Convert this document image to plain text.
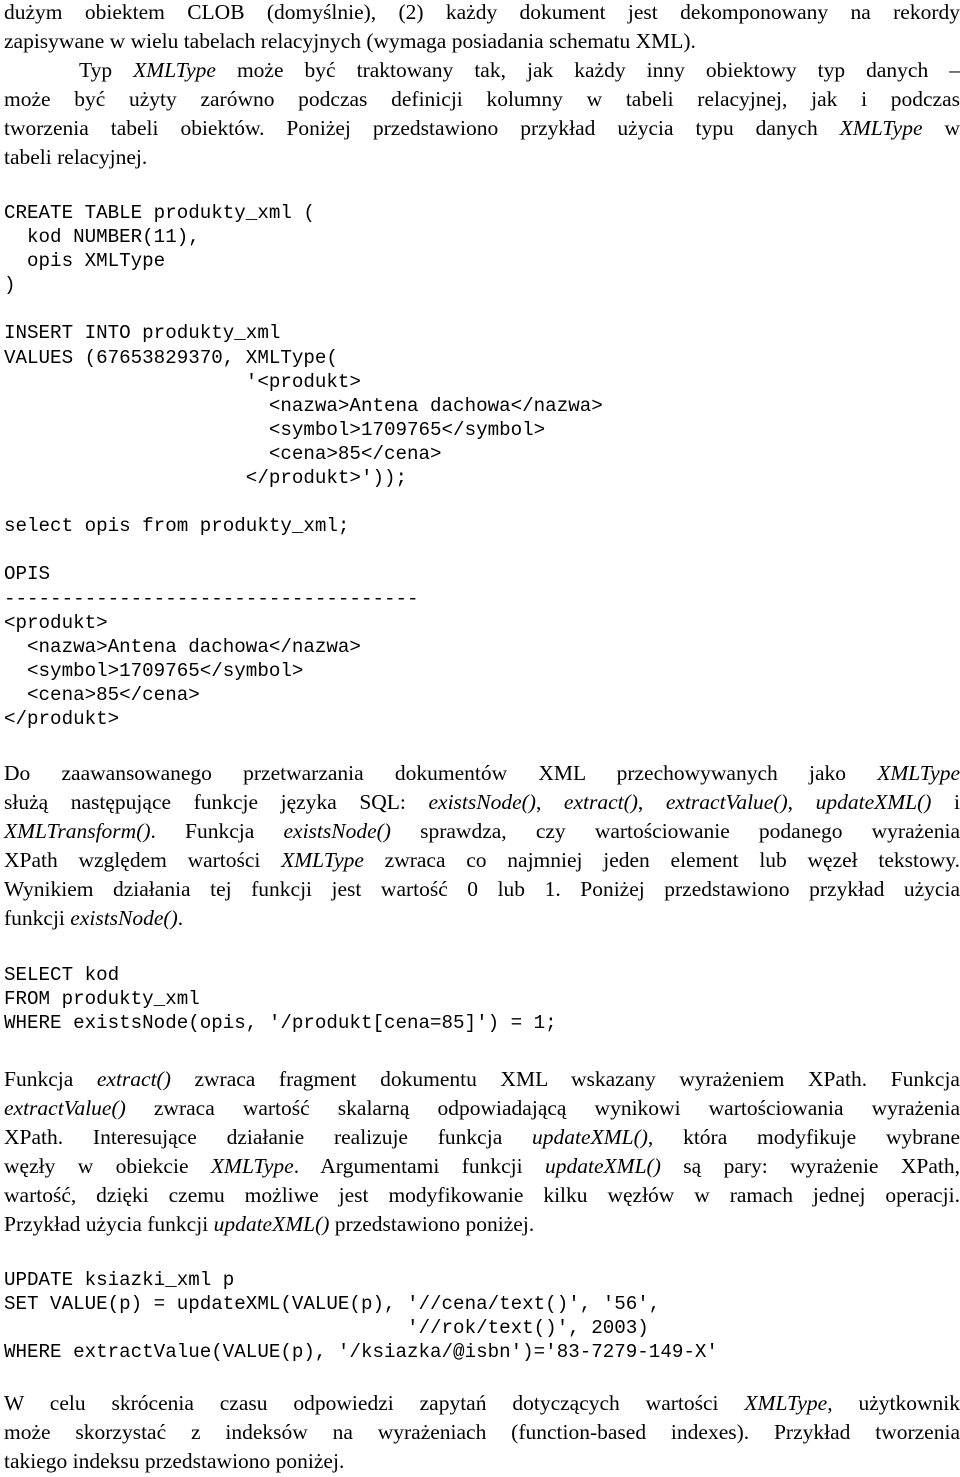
dużym obiektem CLOB (domyślnie), (2) każdy dokument jest dekomponowany na rekordy
zapisywane w wielu tabelach relacyjnych (wymaga posiadania schematu XML).
Typ XMLType może być traktowany tak, jak każdy inny obiektowy typ danych –
może być użyty zarówno podczas definicji kolumny w tabeli relacyjnej, jak i podczas
tworzenia tabeli obiektów. Poniżej przedstawiono przykład użycia typu danych XMLType w
tabeli relacyjnej.
CREATE TABLE produkty_xml (
kod NUMBER(11),
opis XMLType
)
INSERT INTO produkty_xml
VALUES (67653829370, XMLType(
'<produkt>
<nazwa>Antena dachowa</nazwa>
<symbol>1709765</symbol>
<cena>85</cena>
</produkt>'));
select opis from produkty_xml;
OPIS
------------------------------------
<produkt>
<nazwa>Antena dachowa</nazwa>
<symbol>1709765</symbol>
<cena>85</cena>
</produkt>
Do zaawansowanego przetwarzania dokumentów XML przechowywanych jako XMLType
służą następujące funkcje języka SQL: existsNode(), extract(), extractValue(), updateXML() i
XMLTransform(). Funkcja existsNode() sprawdza, czy wartościowanie podanego wyrażenia
XPath względem wartości XMLType zwraca co najmniej jeden element lub węzeł tekstowy.
Wynikiem działania tej funkcji jest wartość 0 lub 1. Poniżej przedstawiono przykład użycia
funkcji existsNode().
SELECT kod
FROM produkty_xml
WHERE existsNode(opis, '/produkt[cena=85]') = 1;
Funkcja extract() zwraca fragment dokumentu XML wskazany wyrażeniem XPath. Funkcja
extractValue() zwraca wartość skalarną odpowiadającą wynikowi wartościowania wyrażenia
XPath. Interesujące działanie realizuje funkcja updateXML(), która modyfikuje wybrane
węzły w obiekcie XMLType. Argumentami funkcji updateXML() są pary: wyrażenie XPath,
wartość, dzięki czemu możliwe jest modyfikowanie kilku węzłów w ramach jednej operacji.
Przykład użycia funkcji updateXML() przedstawiono poniżej.
UPDATE ksiazki_xml p
SET VALUE(p) = updateXML(VALUE(p), '//cena/text()', '56',
'//rok/text()', 2003)
WHERE extractValue(VALUE(p), '/ksiazka/@isbn')='83-7279-149-X'
W celu skrócenia czasu odpowiedzi zapytań dotyczących wartości XMLType, użytkownik
może skorzystać z indeksów na wyrażeniach (function-based indexes). Przykład tworzenia
takiego indeksu przedstawiono poniżej.
